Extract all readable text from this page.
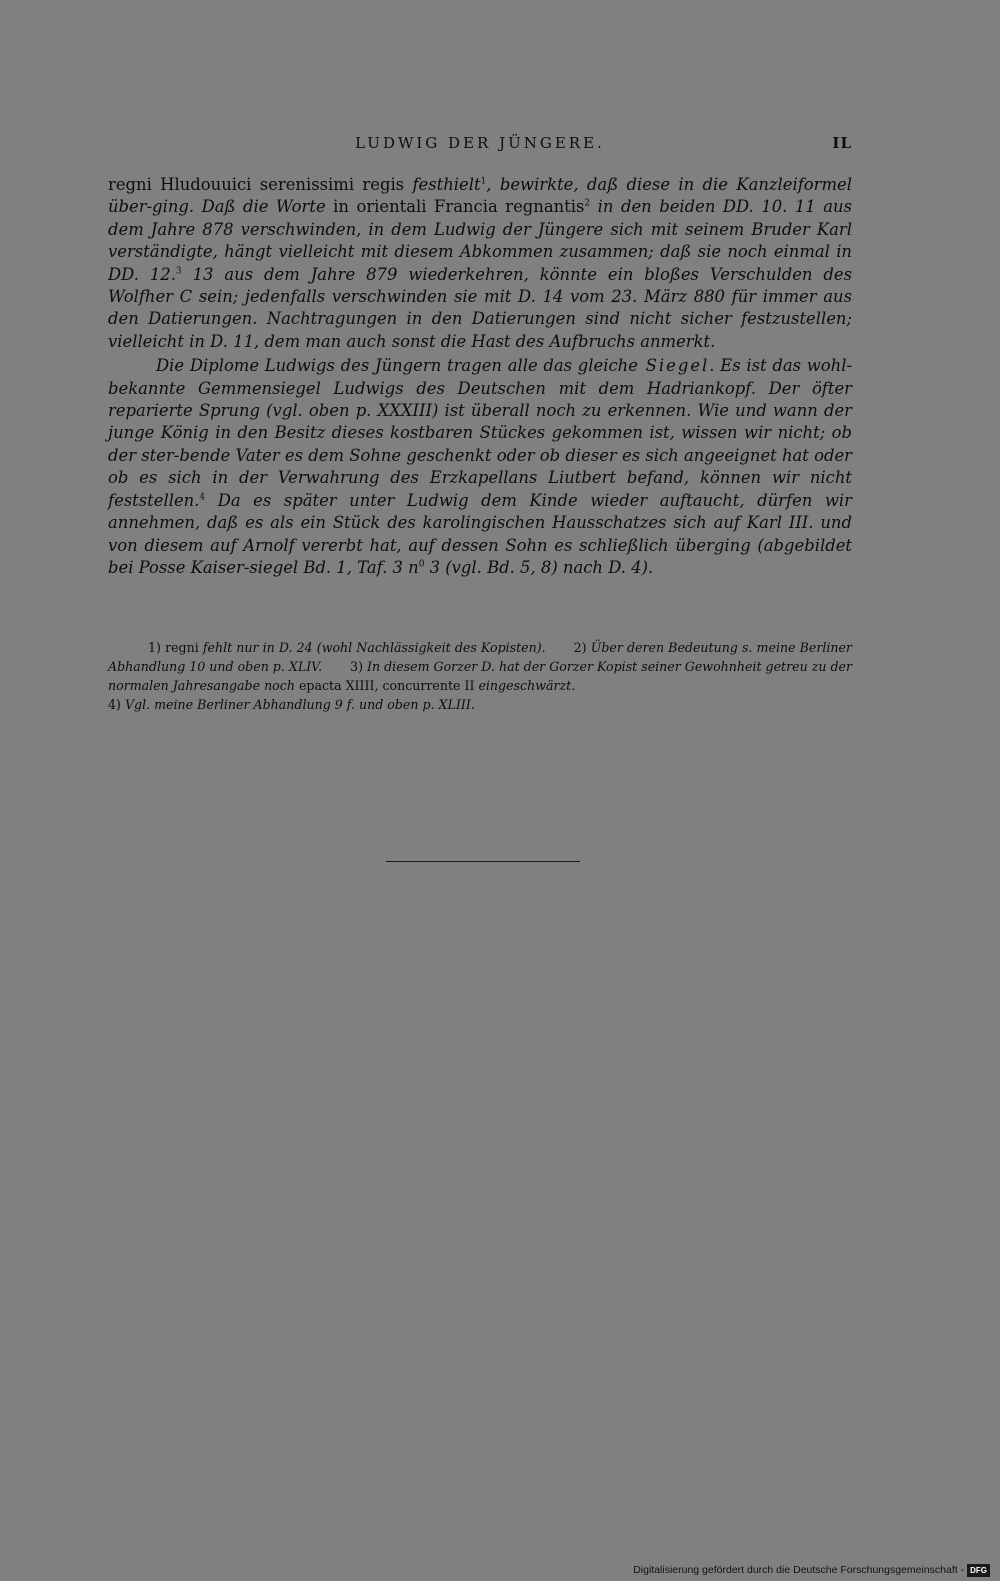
LUDWIG DER JÜNGERE.	IL

regni Hludouuici serenissimi regis festhielt$^1$, bewirkte, daß diese in die Kanzleiformel über-ging. Daß die Worte in orientali Francia regnantis$^2$ in den beiden DD. 10. 11 aus dem Jahre 878 verschwinden, in dem Ludwig der Jüngere sich mit seinem Bruder Karl verständigte, hängt vielleicht mit diesem Abkommen zusammen; daß sie noch einmal in DD. 12.$^3$ 13 aus dem Jahre 879 wiederkehren, könnte ein bloßes Verschulden des Wolfher C sein; jedenfalls verschwinden sie mit D. 14 vom 23. März 880 für immer aus den Datierungen. Nachtragungen in den Datierungen sind nicht sicher festzustellen; vielleicht in D. 11, dem man auch sonst die Hast des Aufbruchs anmerkt.

Die Diplome Ludwigs des Jüngern tragen alle das gleiche Siegel. Es ist das wohl-bekannte Gemmensiegel Ludwigs des Deutschen mit dem Hadriankopf. Der öfter reparierte Sprung (vgl. oben p. XXXIII) ist überall noch zu erkennen. Wie und wann der junge König in den Besitz dieses kostbaren Stückes gekommen ist, wissen wir nicht; ob der ster-bende Vater es dem Sohne geschenkt oder ob dieser es sich angeeignet hat oder ob es sich in der Verwahrung des Erzkapellans Liutbert befand, können wir nicht feststellen.$^4$ Da es später unter Ludwig dem Kinde wieder auftaucht, dürfen wir annehmen, daß es als ein Stück des karolingischen Hausschatzes sich auf Karl III. und von diesem auf Arnolf vererbt hat, auf dessen Sohn es schließlich überging (abgebildet bei Posse Kaiser-siegel Bd. 1, Taf. 3 $n^0$ 3 (vgl. Bd. 5, 8) nach D. 4).

1) regni fehlt nur in D. 24 (wohl Nachlässigkeit des Kopisten). 2) Über deren Bedeutung s. meine Berliner Abhandlung 10 und oben p. XLIV. 3) In diesem Gorzer D. hat der Gorzer Kopist seiner Gewohnheit getreu zu der normalen Jahresangabe noch epacta XIIII, concurrente II eingeschwärzt.

4) Vgl. meine Berliner Abhandlung 9 f. und oben p. XLIII.

Digitalisierung gefördert durch die Deutsche Forschungsgemeinschaft - DFG
